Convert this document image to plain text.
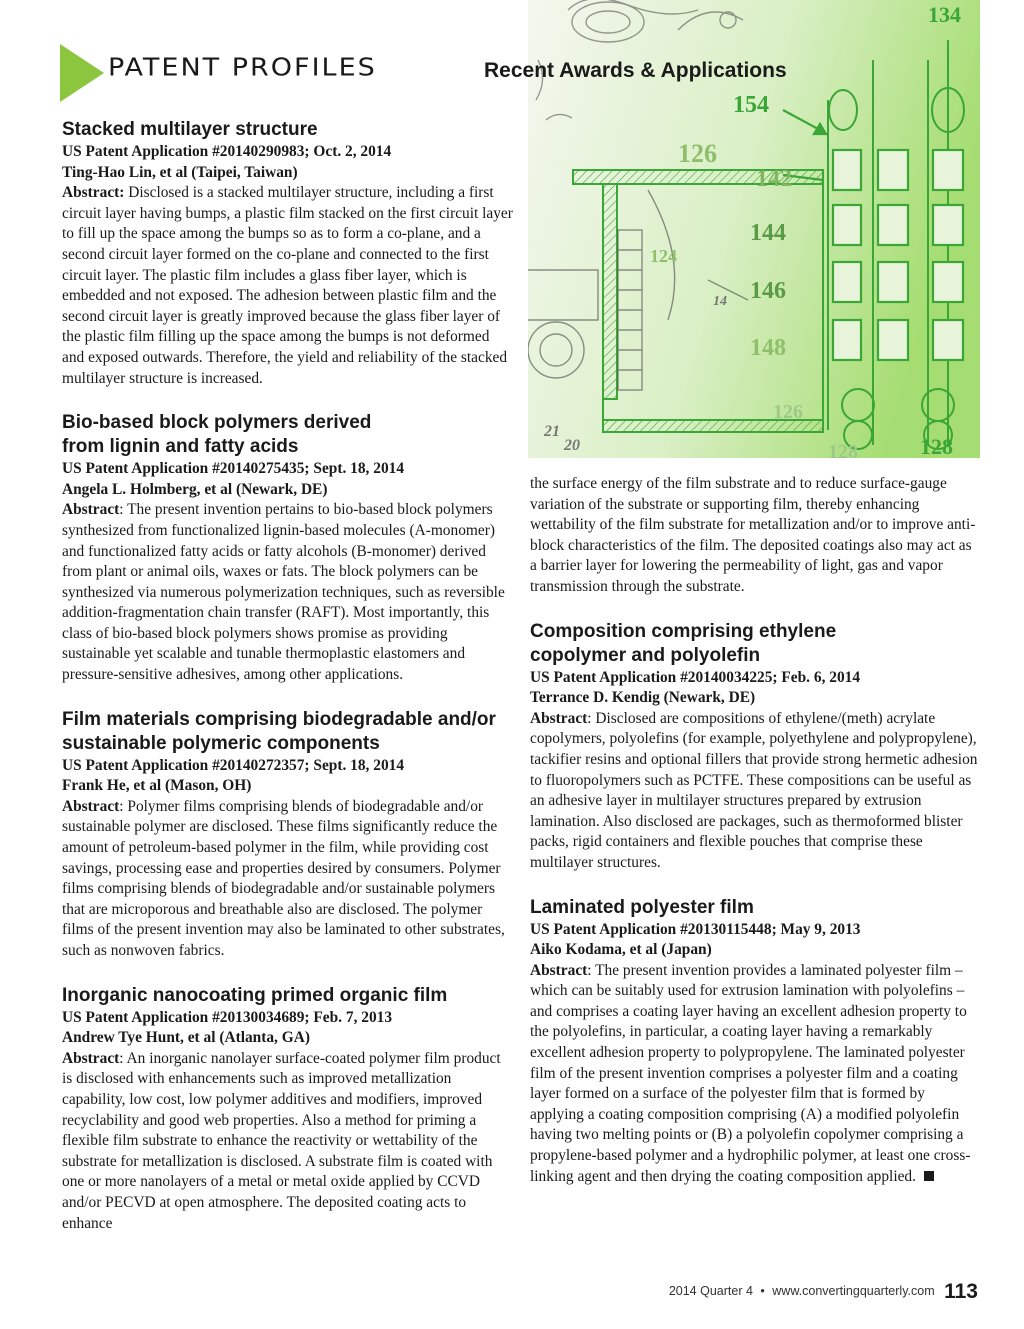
134
154
126
142
144
146
148
126
128	128
124
14
21
20
PATENT PROFILES	Recent Awards & Applications
Stacked multilayer structure

US Patent Application #20140290983; Oct. 2, 2014

Ting-Hao Lin, et al (Taipei, Taiwan)

Abstract: Disclosed is a stacked multilayer structure, including a first circuit layer having bumps, a plastic film stacked on the first circuit layer to fill up the space among the bumps so as to form a co-plane, and a second circuit layer formed on the co-plane and connected to the first circuit layer. The plastic film includes a glass fiber layer, which is embedded and not exposed. The adhesion between plastic film and the second circuit layer is greatly improved because the glass fiber layer of the plastic film filling up the space among the bumps is not deformed and exposed outwards. Therefore, the yield and reliability of the stacked multilayer structure is increased.

Bio-based block polymers derived from lignin and fatty acids

US Patent Application #20140275435; Sept. 18, 2014

Angela L. Holmberg, et al (Newark, DE)

Abstract: The present invention pertains to bio-based block polymers synthesized from functionalized lignin-based molecules (A-monomer) and functionalized fatty acids or fatty alcohols (B-monomer) derived from plant or animal oils, waxes or fats. The block polymers can be synthesized via numerous polymerization techniques, such as reversible addition-fragmentation chain transfer (RAFT). Most importantly, this class of bio-based block polymers shows promise as providing sustainable yet scalable and tunable thermoplastic elastomers and pressure-sensitive adhesives, among other applications.

Film materials comprising biodegradable and/or sustainable polymeric components

US Patent Application #20140272357; Sept. 18, 2014

Frank He, et al (Mason, OH)

Abstract: Polymer films comprising blends of biodegradable and/or sustainable polymer are disclosed. These films significantly reduce the amount of petroleum-based polymer in the film, while providing cost savings, processing ease and properties desired by consumers. Polymer films comprising blends of biodegradable and/or sustainable polymers that are microporous and breathable also are disclosed. The polymer films of the present invention may also be laminated to other substrates, such as nonwoven fabrics.

Inorganic nanocoating primed organic film

US Patent Application #20130034689; Feb. 7, 2013

Andrew Tye Hunt, et al (Atlanta, GA)

Abstract: An inorganic nanolayer surface-coated polymer film product is disclosed with enhancements such as improved metallization capability, low cost, low polymer additives and modifiers, improved recyclability and good web properties. Also a method for priming a flexible film substrate to enhance the reactivity or wettability of the substrate for metallization is disclosed. A substrate film is coated with one or more nanolayers of a metal or metal oxide applied by CCVD and/or PECVD at open atmosphere. The deposited coating acts to enhance

the surface energy of the film substrate and to reduce surface-gauge variation of the substrate or supporting film, thereby enhancing wettability of the film substrate for metallization and/or to improve anti-block characteristics of the film. The deposited coatings also may act as a barrier layer for lowering the permeability of light, gas and vapor transmission through the substrate.

Composition comprising ethylene copolymer and polyolefin

US Patent Application #20140034225; Feb. 6, 2014

Terrance D. Kendig (Newark, DE)

Abstract: Disclosed are compositions of ethylene/(meth) acrylate copolymers, polyolefins (for example, polyethylene and polypropylene), tackifier resins and optional fillers that provide strong hermetic adhesion to fluoropolymers such as PCTFE. These compositions can be useful as an adhesive layer in multilayer structures prepared by extrusion lamination. Also disclosed are packages, such as thermoformed blister packs, rigid containers and flexible pouches that comprise these multilayer structures.

Laminated polyester film

US Patent Application #20130115448; May 9, 2013

Aiko Kodama, et al (Japan)

Abstract: The present invention provides a laminated polyester film – which can be suitably used for extrusion lamination with polyolefins – and comprises a coating layer having an excellent adhesion property to the polyolefins, in particular, a coating layer having a remarkably excellent adhesion property to polypropylene. The laminated polyester film of the present invention comprises a polyester film and a coating layer formed on a surface of the polyester film that is formed by applying a coating composition comprising (A) a modified polyolefin having two melting points or (B) a polyolefin copolymer comprising a propylene-based polymer and a hydrophilic polymer, at least one cross-linking agent and then drying the coating composition applied.

2014 Quarter 4 • www.convertingquarterly.com 113
